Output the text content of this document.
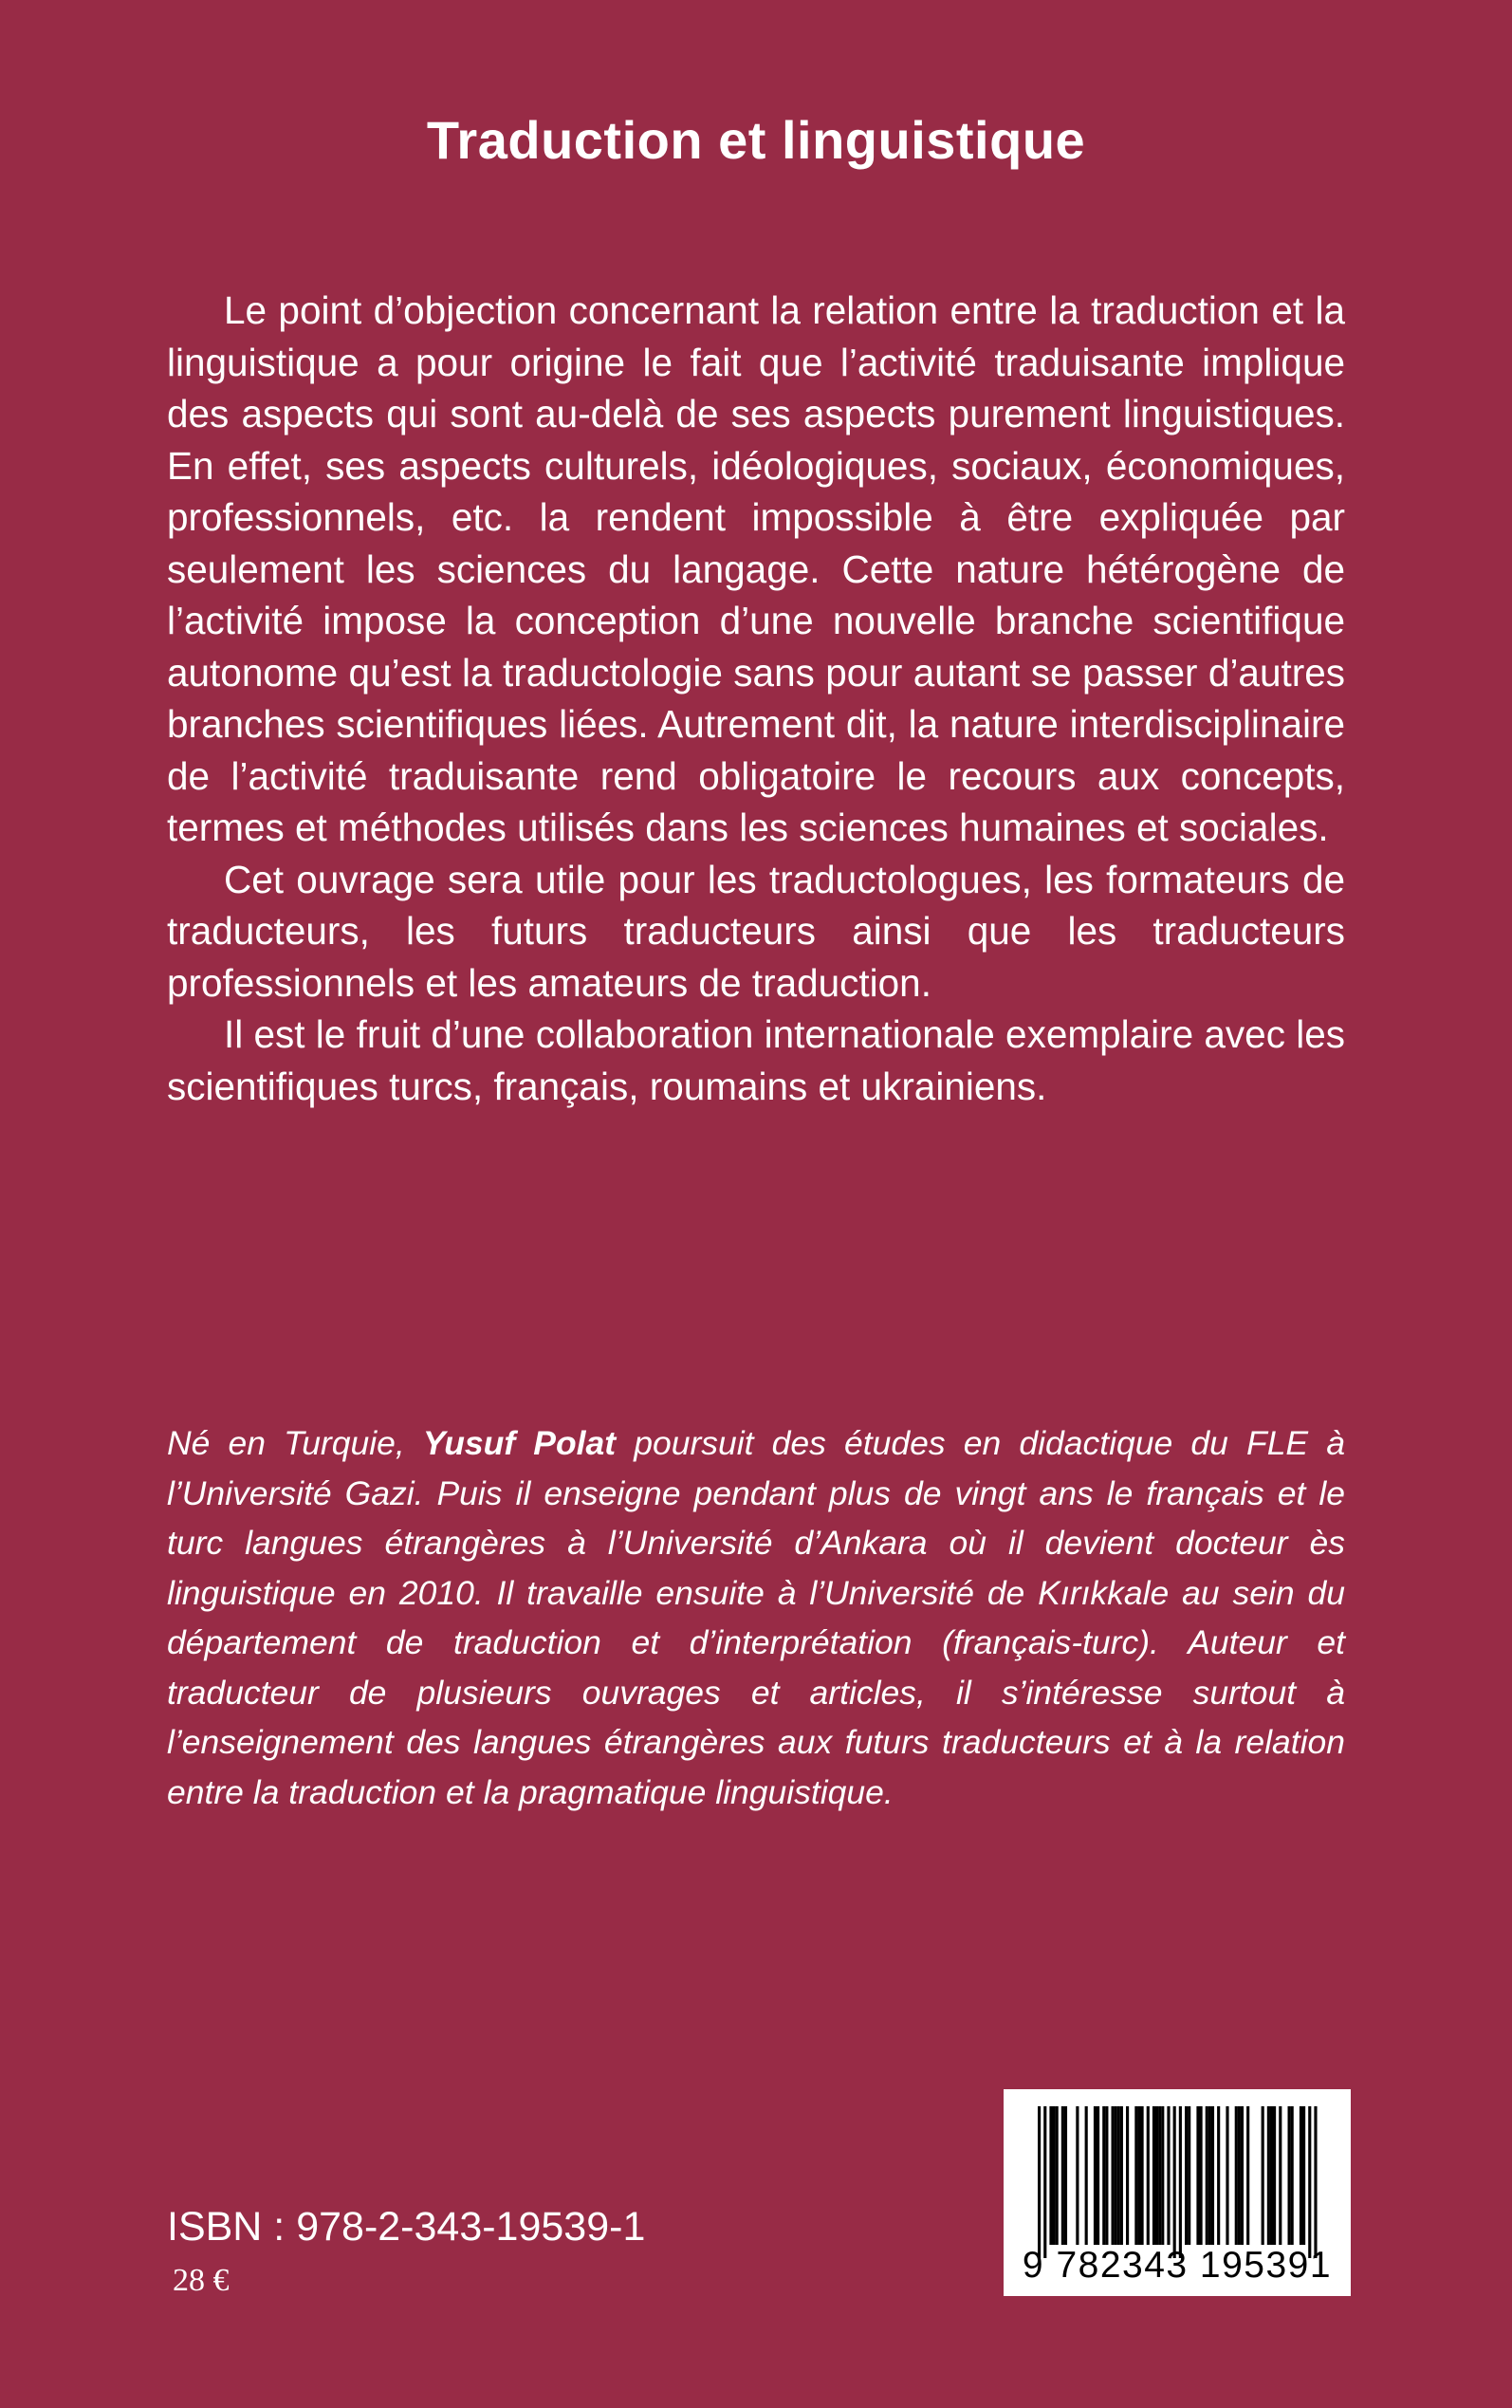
Traduction et linguistique

Le point d’objection concernant la relation entre la traduction et la linguistique a pour origine le fait que l’activité traduisante implique des aspects qui sont au-delà de ses aspects purement linguistiques. En effet, ses aspects culturels, idéologiques, sociaux, économiques, professionnels, etc. la rendent impossible à être expliquée par seulement les sciences du langage. Cette nature hétérogène de l’activité impose la conception d’une nouvelle branche scientifique autonome qu’est la traductologie sans pour autant se passer d’autres branches scientifiques liées. Autrement dit, la nature interdisciplinaire de l’activité traduisante rend obligatoire le recours aux concepts, termes et méthodes utilisés dans les sciences humaines et sociales.

Cet ouvrage sera utile pour les traductologues, les formateurs de traducteurs, les futurs traducteurs ainsi que les traducteurs professionnels et les amateurs de traduction.

Il est le fruit d’une collaboration internationale exemplaire avec les scientifiques turcs, français, roumains et ukrainiens.

Né en Turquie, Yusuf Polat poursuit des études en didactique du FLE à l’Université Gazi. Puis il enseigne pendant plus de vingt ans le français et le turc langues étrangères à l’Université d’Ankara où il devient docteur ès linguistique en 2010. Il travaille ensuite à l’Université de Kırıkkale au sein du département de traduction et d’interprétation (français-turc). Auteur et traducteur de plusieurs ouvrages et articles, il s’intéresse surtout à l’enseignement des langues étrangères aux futurs traducteurs et à la relation entre la traduction et la pragmatique linguistique.

ISBN : 978-2-343-19539-1
28 €	9 782343 195391
